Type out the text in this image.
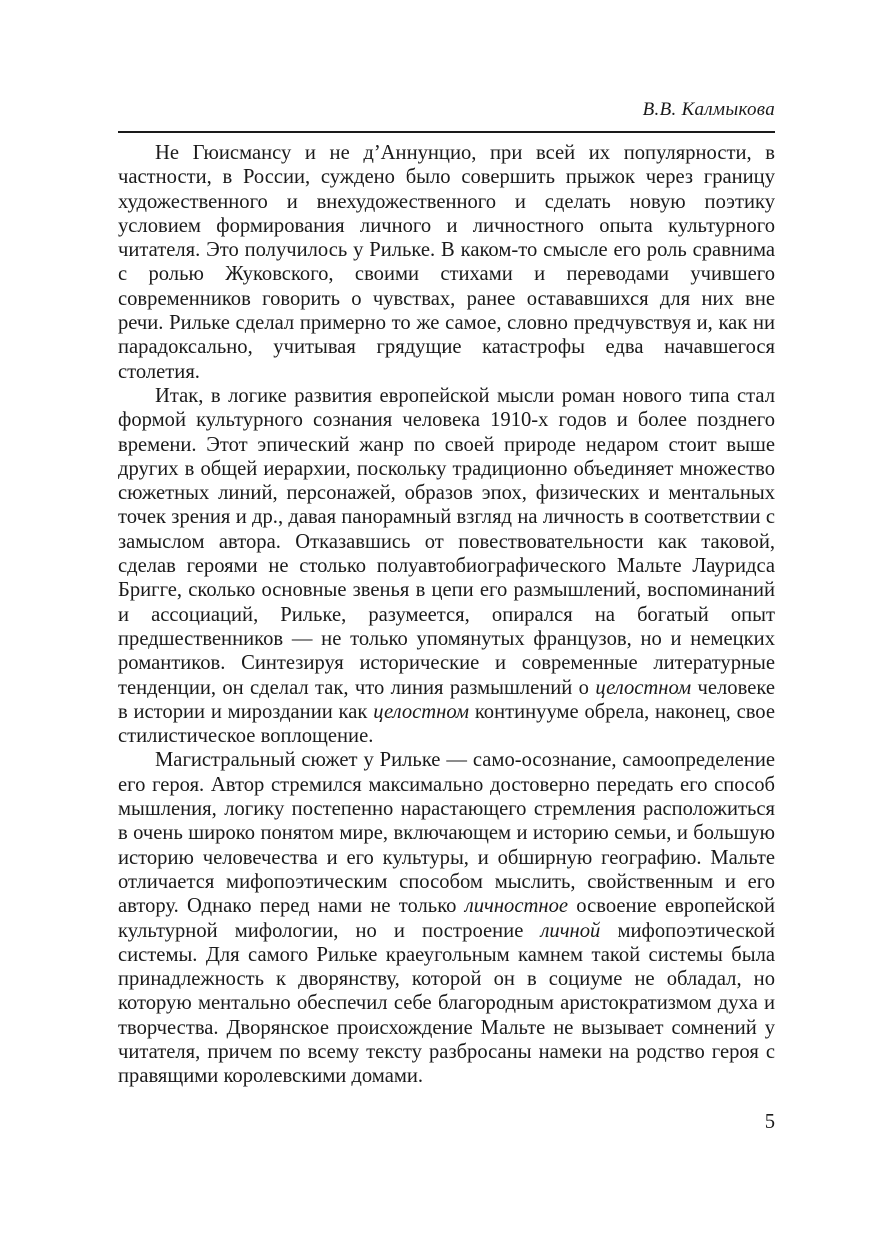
В.В. Калмыкова

Не Гюисмансу и не д’Аннунцио, при всей их популярности, в частности, в России, суждено было совершить прыжок через границу художественного и внехудожественного и сделать новую поэтику условием формирования личного и личностного опыта культурного читателя. Это получилось у Рильке. В каком-то смысле его роль сравнима с ролью Жуковского, своими стихами и переводами учившего современников говорить о чувствах, ранее остававшихся для них вне речи. Рильке сделал примерно то же самое, словно предчувствуя и, как ни парадоксально, учитывая грядущие катастрофы едва начавшегося столетия.

Итак, в логике развития европейской мысли роман нового типа стал формой культурного сознания человека 1910-х годов и более позднего времени. Этот эпический жанр по своей природе нeдаром стоит выше других в общей иерархии, поскольку традиционно объединяет множество сюжетных линий, персонажей, образов эпох, физических и ментальных точек зрения и др., давая панорамный взгляд на личность в соответствии с замыслом автора. Отказавшись от повествовательности как таковой, сделав героями не столько полуавтобиографического Мальте Лауридса Бригге, сколько основные звенья в цепи его размышлений, воспоминаний и ассоциаций, Рильке, разумеется, опирался на богатый опыт предшественников — не только упомянутых французов, но и немецких романтиков. Синтезируя исторические и современные литературные тенденции, он сделал так, что линия размышлений о целостном человеке в истории и мироздании как целостном континууме обрела, наконец, свое стилистическое воплощение.

Магистральный сюжет у Рильке — само-осознание, самоопределение его героя. Автор стремился максимально достоверно передать его способ мышления, логику постепенно нарастающего стремления расположиться в очень широко понятом мире, включающем и историю семьи, и большую историю человечества и его культуры, и обширную географию. Мальте отличается мифопоэтическим способом мыслить, свойственным и его автору. Однако перед нами не только личностное освоение европейской культурной мифологии, но и построение личной мифопоэтической системы. Для самого Рильке краеугольным камнем такой системы была принадлежность к дворянству, которой он в социуме не обладал, но которую ментально обеспечил себе благородным аристократизмом духа и творчества. Дворянское происхождение Мальте не вызывает сомнений у читателя, причем по всему тексту разбросаны намеки на родство героя с правящими королевскими домами.

5
